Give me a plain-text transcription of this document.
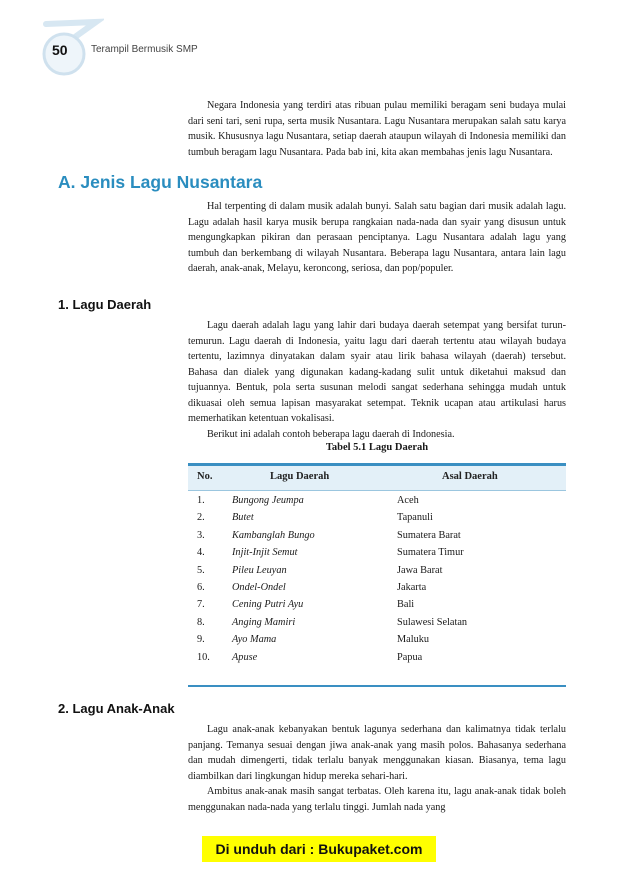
50 Terampil Bermusik SMP

Negara Indonesia yang terdiri atas ribuan pulau memiliki beragam seni budaya mulai dari seni tari, seni rupa, serta musik Nusantara. Lagu Nusantara merupakan salah satu karya musik. Khususnya lagu Nusantara, setiap daerah ataupun wilayah di Indonesia memiliki dan tumbuh beragam lagu Nusantara. Pada bab ini, kita akan membahas jenis lagu Nusantara.

A. Jenis Lagu Nusantara

Hal terpenting di dalam musik adalah bunyi. Salah satu bagian dari musik adalah lagu. Lagu adalah hasil karya musik berupa rangkaian nada-nada dan syair yang disusun untuk mengungkapkan pikiran dan perasaan penciptanya. Lagu Nusantara adalah lagu yang tumbuh dan berkembang di wilayah Nusantara. Beberapa lagu Nusantara, antara lain lagu daerah, anak-anak, Melayu, keroncong, seriosa, dan pop/populer.

1. Lagu Daerah

Lagu daerah adalah lagu yang lahir dari budaya daerah setempat yang bersifat turun-temurun. Lagu daerah di Indonesia, yaitu lagu dari daerah tertentu atau wilayah budaya tertentu, lazimnya dinyatakan dalam syair atau lirik bahasa wilayah (daerah) tersebut. Bahasa dan dialek yang digunakan kadang-kadang sulit untuk diketahui maksud dan tujuannya. Bentuk, pola serta susunan melodi sangat sederhana sehingga mudah untuk dikuasai oleh semua lapisan masyarakat setempat. Teknik ucapan atau artikulasi harus memerhatikan ketentuan vokalisasi.

Berikut ini adalah contoh beberapa lagu daerah di Indonesia.

Tabel 5.1 Lagu Daerah
No.	Lagu Daerah	Asal Daerah
1.	Bungong Jeumpa	Aceh
2.	Butet	Tapanuli
3.	Kambanglah Bungo	Sumatera Barat
4.	Injit-Injit Semut	Sumatera Timur
5.	Pileu Leuyan	Jawa Barat
6.	Ondel-Ondel	Jakarta
7.	Cening Putri Ayu	Bali
8.	Anging Mamiri	Sulawesi Selatan
9.	Ayo Mama	Maluku
10. Apuse	Papua
2. Lagu Anak-Anak

Lagu anak-anak kebanyakan bentuk lagunya sederhana dan kalimatnya tidak terlalu panjang. Temanya sesuai dengan jiwa anak-anak yang masih polos. Bahasanya sederhana dan mudah dimengerti, tidak terlalu banyak menggunakan kiasan. Biasanya, tema lagu diambilkan dari lingkungan hidup mereka sehari-hari.

Ambitus anak-anak masih sangat terbatas. Oleh karena itu, lagu anak-anak tidak boleh menggunakan nada-nada yang terlalu tinggi. Jumlah nada yang

Di unduh dari : Bukupaket.com
